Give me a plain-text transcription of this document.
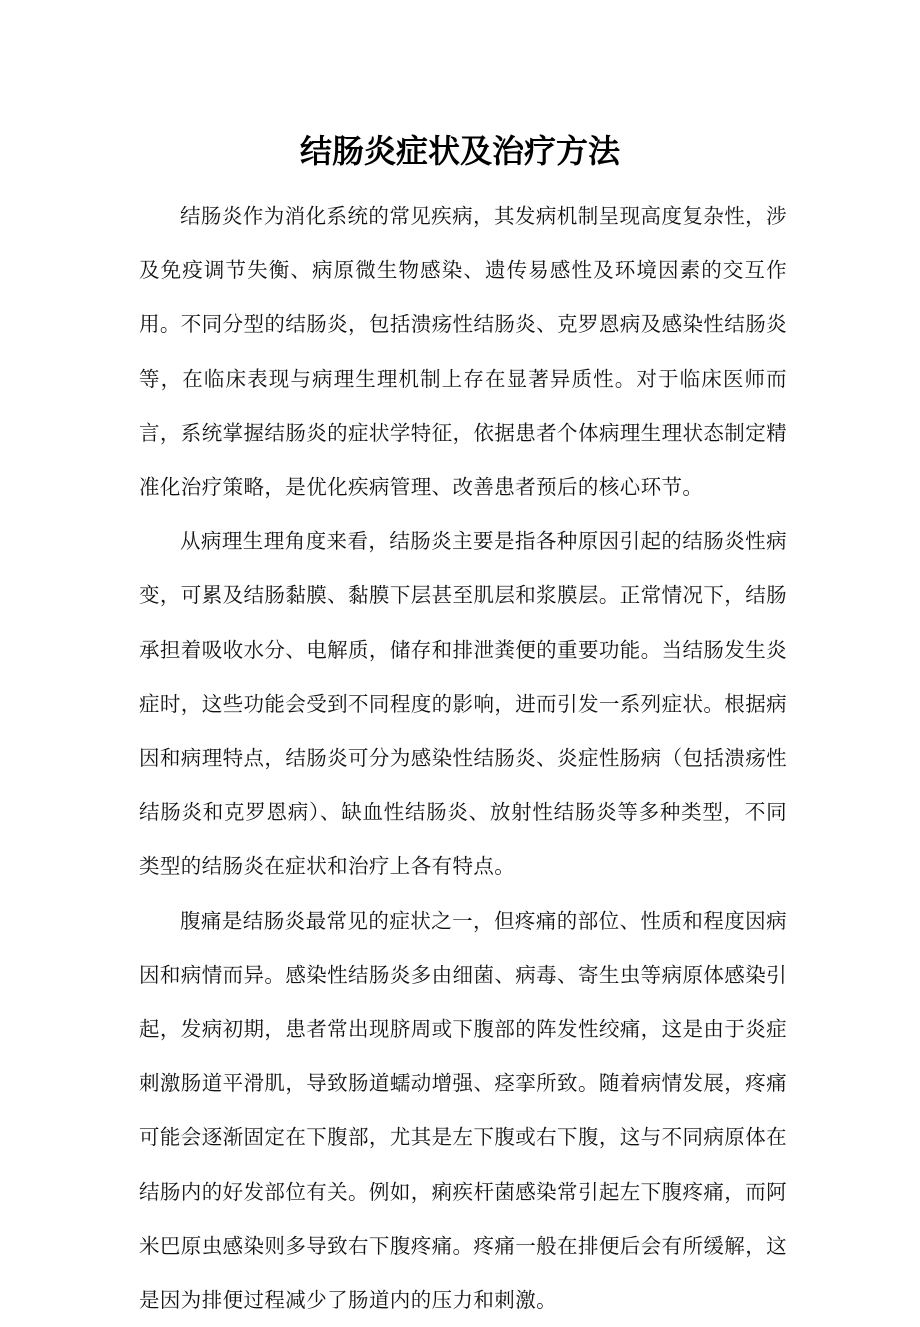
结肠炎症状及治疗方法

结肠炎作为消化系统的常见疾病，其发病机制呈现高度复杂性，涉及免疫调节失衡、病原微生物感染、遗传易感性及环境因素的交互作用。不同分型的结肠炎，包括溃疡性结肠炎、克罗恩病及感染性结肠炎等，在临床表现与病理生理机制上存在显著异质性。对于临床医师而言，系统掌握结肠炎的症状学特征，依据患者个体病理生理状态制定精准化治疗策略，是优化疾病管理、改善患者预后的核心环节。

从病理生理角度来看，结肠炎主要是指各种原因引起的结肠炎性病变，可累及结肠黏膜、黏膜下层甚至肌层和浆膜层。正常情况下，结肠承担着吸收水分、电解质，储存和排泄粪便的重要功能。当结肠发生炎症时，这些功能会受到不同程度的影响，进而引发一系列症状。根据病因和病理特点，结肠炎可分为感染性结肠炎、炎症性肠病（包括溃疡性结肠炎和克罗恩病）、缺血性结肠炎、放射性结肠炎等多种类型，不同类型的结肠炎在症状和治疗上各有特点。

腹痛是结肠炎最常见的症状之一，但疼痛的部位、性质和程度因病因和病情而异。感染性结肠炎多由细菌、病毒、寄生虫等病原体感染引起，发病初期，患者常出现脐周或下腹部的阵发性绞痛，这是由于炎症刺激肠道平滑肌，导致肠道蠕动增强、痉挛所致。随着病情发展，疼痛可能会逐渐固定在下腹部，尤其是左下腹或右下腹，这与不同病原体在结肠内的好发部位有关。例如，痢疾杆菌感染常引起左下腹疼痛，而阿米巴原虫感染则多导致右下腹疼痛。疼痛一般在排便后会有所缓解，这是因为排便过程减少了肠道内的压力和刺激。
